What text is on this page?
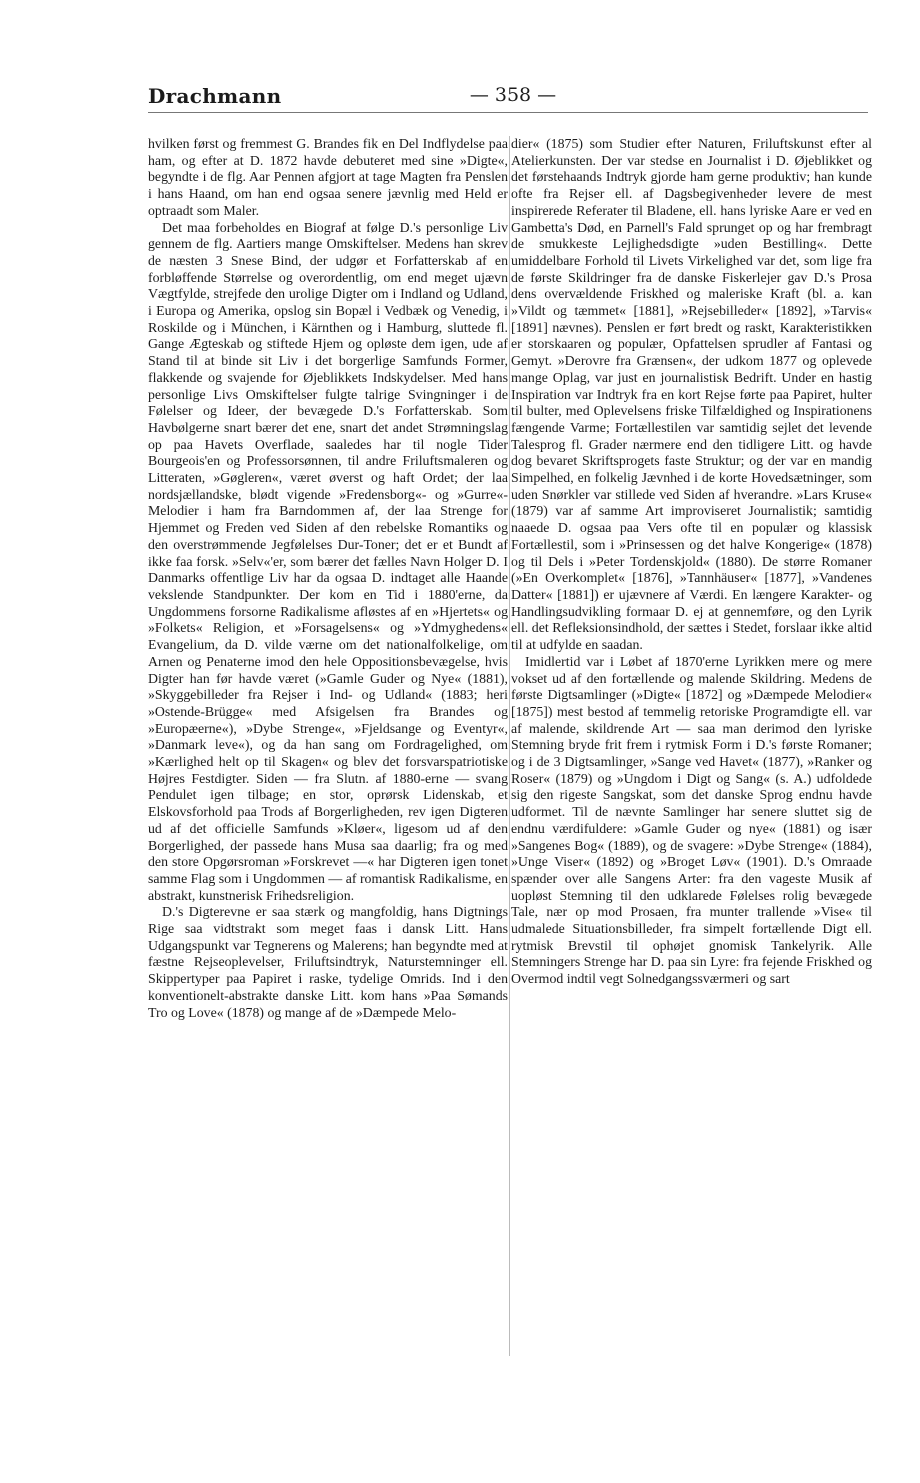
Drachmann	— 358 —

hvilken først og fremmest G. Brandes fik en Del Indflydelse paa ham, og efter at D. 1872 havde debuteret med sine »Digte«, begyndte i de flg. Aar Pennen afgjort at tage Magten fra Penslen i hans Haand, om han end ogsaa senere jævnlig med Held er optraadt som Maler.

Det maa forbeholdes en Biograf at følge D.'s personlige Liv gennem de flg. Aartiers mange Omskiftelser. Medens han skrev de næsten 3 Snese Bind, der udgør et Forfatterskab af en forbløffende Størrelse og overordentlig, om end meget ujævn Vægtfylde, strejfede den urolige Digter om i Indland og Udland, i Europa og Amerika, opslog sin Bopæl i Vedbæk og Venedig, i Roskilde og i München, i Kärnthen og i Hamburg, sluttede fl. Gange Ægteskab og stiftede Hjem og opløste dem igen, ude af Stand til at binde sit Liv i det borgerlige Samfunds Former, flakkende og svajende for Øjeblikkets Indskydelser. Med hans personlige Livs Omskiftelser fulgte talrige Svingninger i de Følelser og Ideer, der bevægede D.'s Forfatterskab. Som Havbølgerne snart bærer det ene, snart det andet Strømningslag op paa Havets Overflade, saaledes har til nogle Tider Bourgeois'en og Professorsønnen, til andre Friluftsmaleren og Litteraten, »Gøgleren«, været øverst og haft Ordet; der laa nordsjællandske, blødt vigende »Fredensborg«- og »Gurre«-Melodier i ham fra Barndommen af, der laa Strenge for Hjemmet og Freden ved Siden af den rebelske Romantiks og den overstrømmende Jegfølelses Dur-Toner; det er et Bundt af ikke faa forsk. »Selv«'er, som bærer det fælles Navn Holger D. I Danmarks offentlige Liv har da ogsaa D. indtaget alle Haande vekslende Standpunkter. Der kom en Tid i 1880'erne, da Ungdommens forsorne Radikalisme afløstes af en »Hjertets« og »Folkets« Religion, et »Forsagelsens« og »Ydmyghedens« Evangelium, da D. vilde værne om det nationalfolkelige, om Arnen og Penaterne imod den hele Oppositionsbevægelse, hvis Digter han før havde været (»Gamle Guder og Nye« (1881), »Skyggebilleder fra Rejser i Ind- og Udland« (1883; heri »Ostende-Brügge« med Afsigelsen fra Brandes og »Europæerne«), »Dybe Strenge«, »Fjeldsange og Eventyr«, »Danmark leve«), og da han sang om Fordragelighed, om »Kærlighed helt op til Skagen« og blev det forsvarspatriotiske Højres Festdigter. Siden — fra Slutn. af 1880-erne — svang Pendulet igen tilbage; en stor, oprørsk Lidenskab, et Elskovsforhold paa Trods af Borgerligheden, rev igen Digteren ud af det officielle Samfunds »Kløer«, ligesom ud af den Borgerlighed, der passede hans Musa saa daarlig; fra og med den store Opgørsroman »Forskrevet —« har Digteren igen tonet samme Flag som i Ungdommen — af romantisk Radikalisme, en abstrakt, kunstnerisk Frihedsreligion.

D.'s Digterevne er saa stærk og mangfoldig, hans Digtnings Rige saa vidtstrakt som meget faas i dansk Litt. Hans Udgangspunkt var Tegnerens og Malerens; han begyndte med at fæstne Rejseoplevelser, Friluftsindtryk, Naturstemninger ell. Skippertyper paa Papiret i raske, tydelige Omrids. Ind i den konventionelt-abstrakte danske Litt. kom hans »Paa Sømands Tro og Love« (1878) og mange af de »Dæmpede Melo-

dier« (1875) som Studier efter Naturen, Friluftskunst efter al Atelierkunsten. Der var stedse en Journalist i D. Øjeblikket og det førstehaands Indtryk gjorde ham gerne produktiv; han kunde ofte fra Rejser ell. af Dagsbegivenheder levere de mest inspirerede Referater til Bladene, ell. hans lyriske Aare er ved en Gambetta's Død, en Parnell's Fald sprunget op og har frembragt de smukkeste Lejlighedsdigte »uden Bestilling«. Dette umiddelbare Forhold til Livets Virkelighed var det, som lige fra de første Skildringer fra de danske Fiskerlejer gav D.'s Prosa dens overvældende Friskhed og maleriske Kraft (bl. a. kan »Vildt og tæmmet« [1881], »Rejsebilleder« [1892], »Tarvis« [1891] nævnes). Penslen er ført bredt og raskt, Karakteristikken er storskaaren og populær, Opfattelsen sprudler af Fantasi og Gemyt. »Derovre fra Grænsen«, der udkom 1877 og oplevede mange Oplag, var just en journalistisk Bedrift. Under en hastig Inspiration var Indtryk fra en kort Rejse førte paa Papiret, hulter til bulter, med Oplevelsens friske Tilfældighed og Inspirationens fængende Varme; Fortællestilen var samtidig sejlet det levende Talesprog fl. Grader nærmere end den tidligere Litt. og havde dog bevaret Skriftsprogets faste Struktur; og der var en mandig Simpelhed, en folkelig Jævnhed i de korte Hovedsætninger, som uden Snørkler var stillede ved Siden af hverandre. »Lars Kruse« (1879) var af samme Art improviseret Journalistik; samtidig naaede D. ogsaa paa Vers ofte til en populær og klassisk Fortællestil, som i »Prinsessen og det halve Kongerige« (1878) og til Dels i »Peter Tordenskjold« (1880). De større Romaner (»En Overkomplet« [1876], »Tannhäuser« [1877], »Vandenes Datter« [1881]) er ujævnere af Værdi. En længere Karakter- og Handlingsudvikling formaar D. ej at gennemføre, og den Lyrik ell. det Refleksionsindhold, der sættes i Stedet, forslaar ikke altid til at udfylde en saadan.

Imidlertid var i Løbet af 1870'erne Lyrikken mere og mere vokset ud af den fortællende og malende Skildring. Medens de første Digtsamlinger (»Digte« [1872] og »Dæmpede Melodier« [1875]) mest bestod af temmelig retoriske Programdigte ell. var af malende, skildrende Art — saa man derimod den lyriske Stemning bryde frit frem i rytmisk Form i D.'s første Romaner; og i de 3 Digtsamlinger, »Sange ved Havet« (1877), »Ranker og Roser« (1879) og »Ungdom i Digt og Sang« (s. A.) udfoldede sig den rigeste Sangskat, som det danske Sprog endnu havde udformet. Til de nævnte Samlinger har senere sluttet sig de endnu værdifuldere: »Gamle Guder og nye« (1881) og især »Sangenes Bog« (1889), og de svagere: »Dybe Strenge« (1884), »Unge Viser« (1892) og »Broget Løv« (1901). D.'s Omraade spænder over alle Sangens Arter: fra den vageste Musik af uopløst Stemning til den udklarede Følelses rolig bevægede Tale, nær op mod Prosaen, fra munter trallende »Vise« til udmalede Situationsbilleder, fra simpelt fortællende Digt ell. rytmisk Brevstil til ophøjet gnomisk Tankelyrik. Alle Stemningers Strenge har D. paa sin Lyre: fra fejende Friskhed og Overmod indtil vegt Solnedgangssværmeri og sart
